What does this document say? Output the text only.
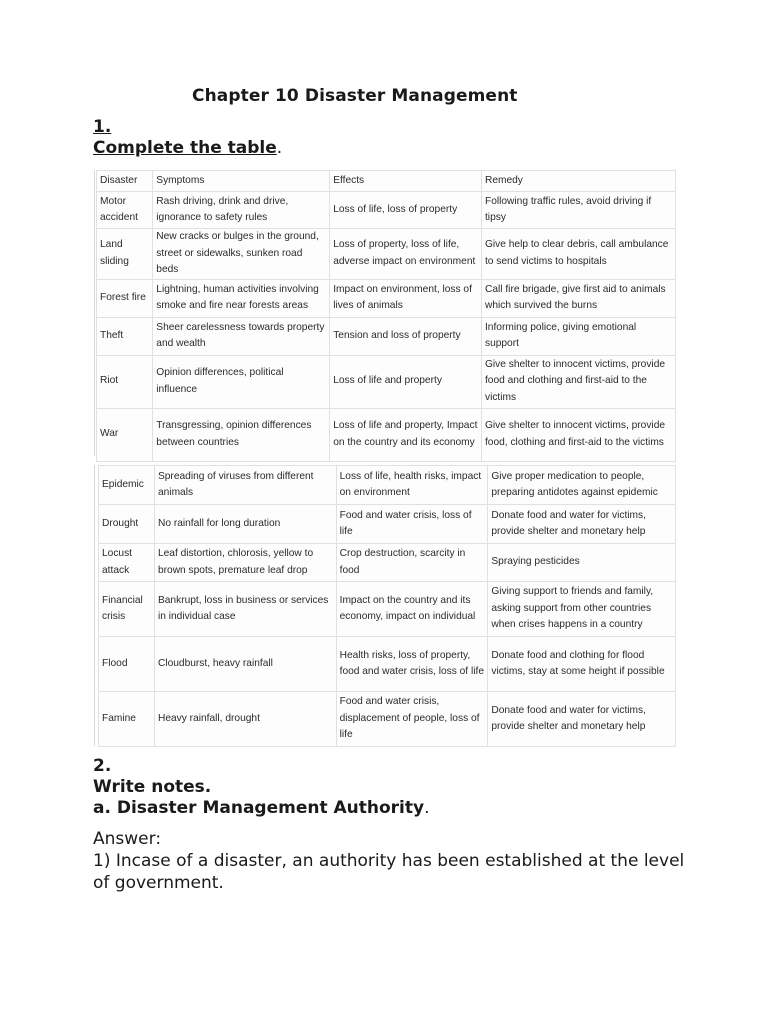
Chapter 10 Disaster Management
1.
Complete the table.
Disaster	Symptoms	Effects	Remedy
Motor accident	Rash driving, drink and drive, ignorance to safety rules	Loss of life, loss of property	Following traffic rules, avoid driving if tipsy
Land sliding	New cracks or bulges in the ground, street or sidewalks, sunken road beds	Loss of property, loss of life, adverse impact on environment	Give help to clear debris, call ambulance to send victims to hospitals
Forest fire	Lightning, human activities involving smoke and fire near forests areas	Impact on environment, loss of lives of animals	Call fire brigade, give first aid to animals which survived the burns
Theft	Sheer carelessness towards property and wealth	Tension and loss of property	Informing police, giving emotional support
Riot	Opinion differences, political influence	Loss of life and property	Give shelter to innocent victims, provide food and clothing and first-aid to the victims
War	Transgressing, opinion differences between countries	Loss of life and property, Impact on the country and its economy	Give shelter to innocent victims, provide food, clothing and first-aid to the victims
Epidemic	Spreading of viruses from different animals	Loss of life, health risks, impact on environment	Give proper medication to people, preparing antidotes against epidemic
Drought	No rainfall for long duration	Food and water crisis, loss of life	Donate food and water for victims, provide shelter and monetary help
Locust attack	Leaf distortion, chlorosis, yellow to brown spots, premature leaf drop	Crop destruction, scarcity in food	Spraying pesticides
Financial crisis	Bankrupt, loss in business or services in individual case	Impact on the country and its economy, impact on individual	Giving support to friends and family, asking support from other countries when crises happens in a country
Flood	Cloudburst, heavy rainfall	Health risks, loss of property, food and water crisis, loss of life	Donate food and clothing for flood victims, stay at some height if possible
Famine	Heavy rainfall, drought	Food and water crisis, displacement of people, loss of life	Donate food and water for victims, provide shelter and monetary help
2.
Write notes.
a. Disaster Management Authority.
Answer:
1) Incase of a disaster, an authority has been established at the level of government.
